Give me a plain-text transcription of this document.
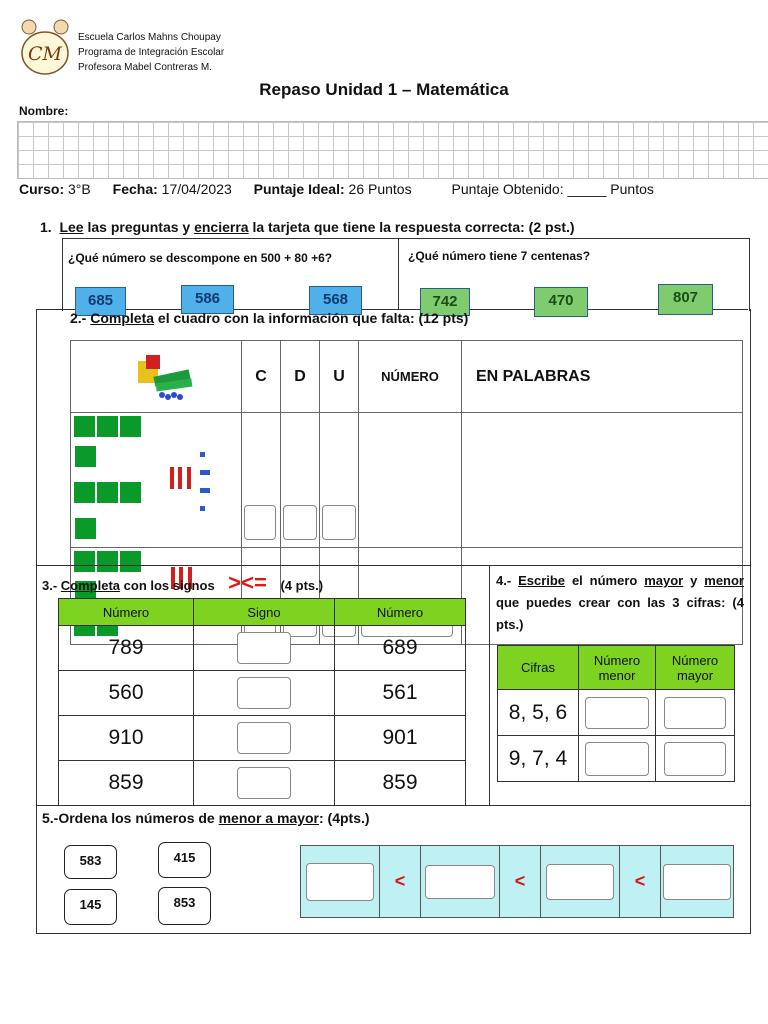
CM
Escuela Carlos Mahns Choupay
Programa de Integración Escolar
Profesora Mabel Contreras M.
Repaso Unidad 1 – Matemática
Nombre:
Curso: 3°B Fecha: 17/04/2023 Puntaje Ideal: 26 Puntos	Puntaje Obtenido: _____ Puntos
1. Lee las preguntas y encierra la tarjeta que tiene la respuesta correcta: (2 pst.)
¿Qué número se descompone en 500 + 80 +6?	¿Qué número tiene 7 centenas?
685	586	568	742	470	807
2.- Completa el cuadro con la información que falta: (12 pts)
	C	D	U	NÚMERO	EN PALABRAS

3.- Completa con los signos ><= (4 pts.)
Número	Signo	Número
789		689
560		561
910		901
859		859
4.- Escribe el número mayor y menor que puedes crear con las 3 cifras: (4 pts.)
Cifras	Número menor	Número mayor
8, 5, 6		
9, 7, 4		
5.-Ordena los números de menor a mayor: (4pts.)
583	415
145	853
	<		<		<	
